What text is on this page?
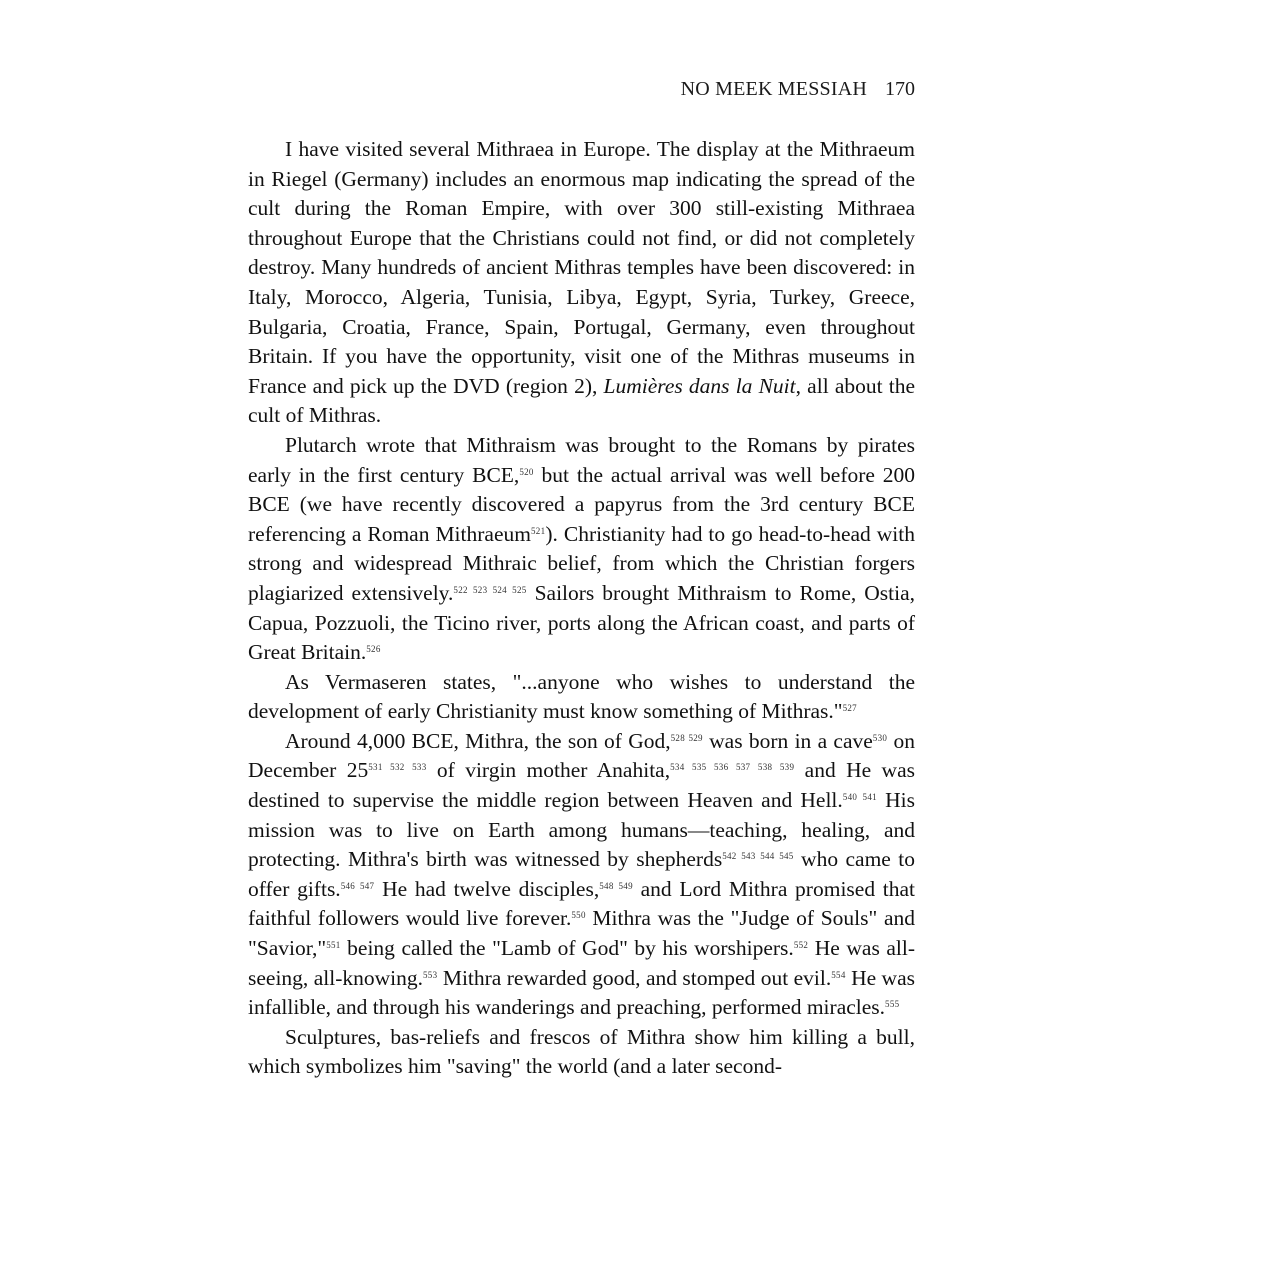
NO MEEK MESSIAH 170

I have visited several Mithraea in Europe. The display at the Mithraeum in Riegel (Germany) includes an enormous map indicating the spread of the cult during the Roman Empire, with over 300 still-existing Mithraea throughout Europe that the Christians could not find, or did not completely destroy. Many hundreds of ancient Mithras temples have been discovered: in Italy, Morocco, Algeria, Tunisia, Libya, Egypt, Syria, Turkey, Greece, Bulgaria, Croatia, France, Spain, Portugal, Germany, even throughout Britain. If you have the opportunity, visit one of the Mithras museums in France and pick up the DVD (region 2), Lumières dans la Nuit, all about the cult of Mithras.

Plutarch wrote that Mithraism was brought to the Romans by pirates early in the first century BCE,$^{520}$ but the actual arrival was well before 200 BCE (we have recently discovered a papyrus from the 3rd century BCE referencing a Roman Mithraeum$^{521}$). Christianity had to go head-to-head with strong and widespread Mithraic belief, from which the Christian forgers plagiarized extensively.$^{522 523 524 525}$ Sailors brought Mithraism to Rome, Ostia, Capua, Pozzuoli, the Ticino river, ports along the African coast, and parts of Great Britain.$^{526}$

As Vermaseren states, "...anyone who wishes to understand the development of early Christianity must know something of Mithras."$^{527}$

Around 4,000 BCE, Mithra, the son of God,$^{528 529}$ was born in a cave$^{530}$ on December 25$^{531 532 533}$ of virgin mother Anahita,$^{534 535 536 537 538 539}$ and He was destined to supervise the middle region between Heaven and Hell.$^{540 541}$ His mission was to live on Earth among humans—teaching, healing, and protecting. Mithra's birth was witnessed by shepherds$^{542 543 544 545}$ who came to offer gifts.$^{546 547}$ He had twelve disciples,$^{548 549}$ and Lord Mithra promised that faithful followers would live forever.$^{550}$ Mithra was the "Judge of Souls" and "Savior,"$^{551}$ being called the "Lamb of God" by his worshipers.$^{552}$ He was all-seeing, all-knowing.$^{553}$ Mithra rewarded good, and stomped out evil.$^{554}$ He was infallible, and through his wanderings and preaching, performed miracles.$^{555}$

Sculptures, bas-reliefs and frescos of Mithra show him killing a bull, which symbolizes him "saving" the world (and a later second-
